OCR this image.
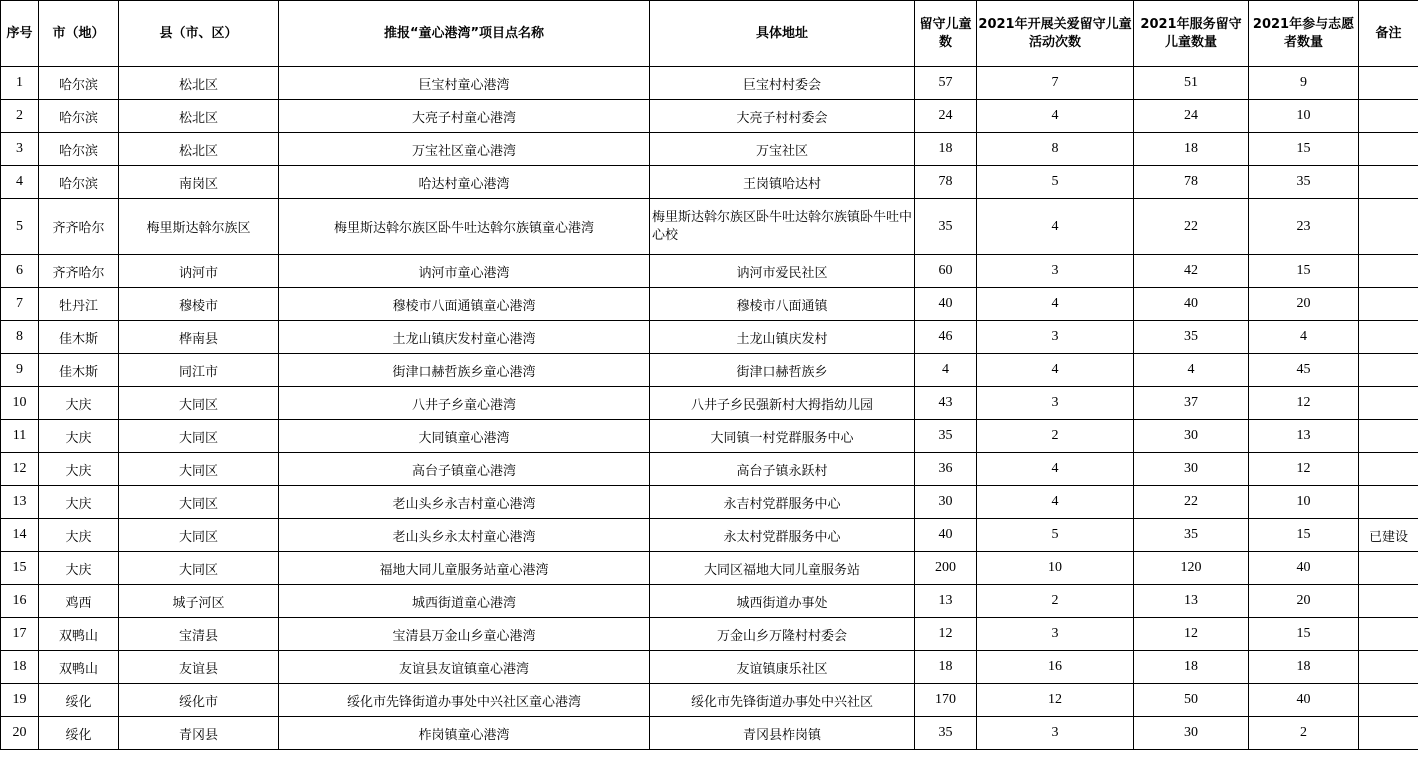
序号	市（地）	县（市、区）	推报“童心港湾”项目点名称	具体地址	留守儿童数	2021年开展关爱留守儿童活动次数	2021年服务留守儿童数量	2021年参与志愿者数量	备注
1	哈尔滨	松北区	巨宝村童心港湾	巨宝村村委会	57	7	51	9	
2	哈尔滨	松北区	大亮子村童心港湾	大亮子村村委会	24	4	24	10	
3	哈尔滨	松北区	万宝社区童心港湾	万宝社区	18	8	18	15	
4	哈尔滨	南岗区	哈达村童心港湾	王岗镇哈达村	78	5	78	35	
5	齐齐哈尔	梅里斯达斡尔族区	梅里斯达斡尔族区卧牛吐达斡尔族镇童心港湾	梅里斯达斡尔族区卧牛吐达斡尔族镇卧牛吐中心校	35	4	22	23	
6	齐齐哈尔	讷河市	讷河市童心港湾	讷河市爱民社区	60	3	42	15	
7	牡丹江	穆棱市	穆棱市八面通镇童心港湾	穆棱市八面通镇	40	4	40	20	
8	佳木斯	桦南县	土龙山镇庆发村童心港湾	土龙山镇庆发村	46	3	35	4	
9	佳木斯	同江市	街津口赫哲族乡童心港湾	街津口赫哲族乡	4	4	4	45	
10	大庆	大同区	八井子乡童心港湾	八井子乡民强新村大拇指幼儿园	43	3	37	12	
11	大庆	大同区	大同镇童心港湾	大同镇一村党群服务中心	35	2	30	13	
12	大庆	大同区	高台子镇童心港湾	高台子镇永跃村	36	4	30	12	
13	大庆	大同区	老山头乡永吉村童心港湾	永吉村党群服务中心	30	4	22	10	
14	大庆	大同区	老山头乡永太村童心港湾	永太村党群服务中心	40	5	35	15	已建设
15	大庆	大同区	福地大同儿童服务站童心港湾	大同区福地大同儿童服务站	200	10	120	40	
16	鸡西	城子河区	城西街道童心港湾	城西街道办事处	13	2	13	20	
17	双鸭山	宝清县	宝清县万金山乡童心港湾	万金山乡万隆村村委会	12	3	12	15	
18	双鸭山	友谊县	友谊县友谊镇童心港湾	友谊镇康乐社区	18	16	18	18	
19	绥化	绥化市	绥化市先锋街道办事处中兴社区童心港湾	绥化市先锋街道办事处中兴社区	170	12	50	40	
20	绥化	青冈县	柞岗镇童心港湾	青冈县柞岗镇	35	3	30	2	
